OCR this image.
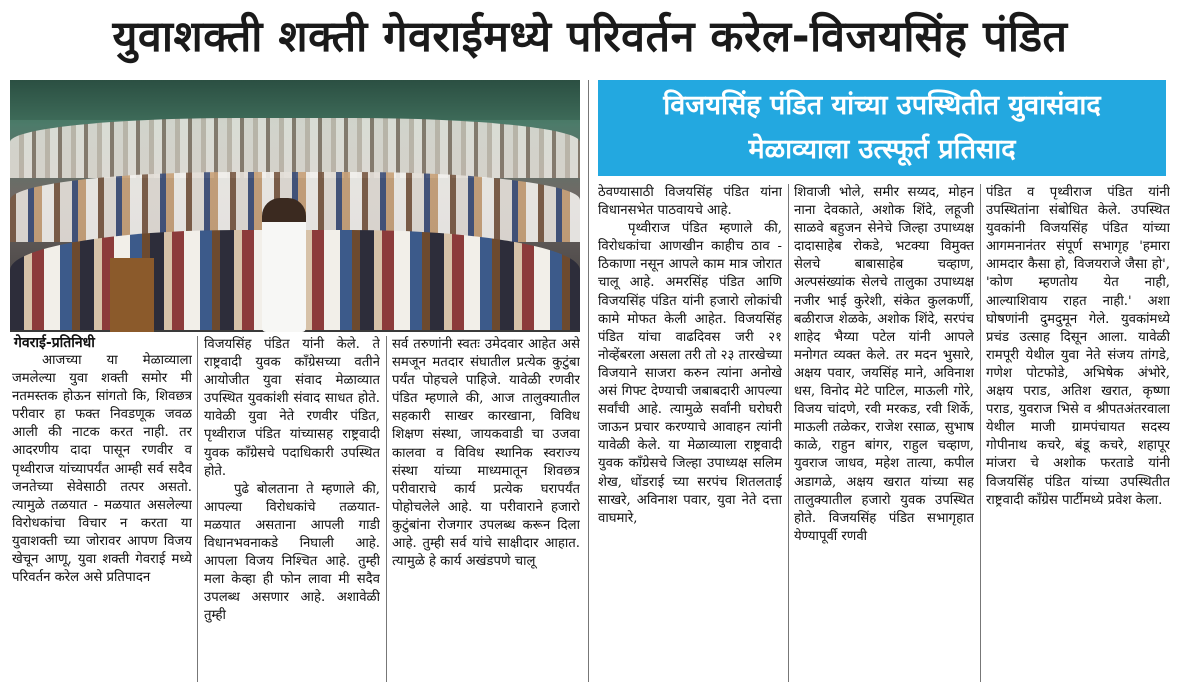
युवाशक्ती शक्ती गेवराईमध्ये परिवर्तन करेल-विजयसिंह पंडित
गेवराई-प्रतिनिधी
विजयसिंह पंडित यांच्या उपस्थितीत युवासंवाद
मेळाव्याला उत्स्फूर्त प्रतिसाद

आजच्या या मेळाव्याला जमलेल्या युवा शक्ती समोर मी नतमस्तक होऊन सांगतो कि, शिवछत्र परीवार हा फक्त निवडणूक जवळ आली की नाटक करत नाही. तर आदरणीय दादा पासून रणवीर व पृथ्वीराज यांच्यापर्यंत आम्ही सर्व सदैव जनतेच्या सेवेसाठी तत्पर असतो. त्यामुळे तळयात - मळयात असलेल्या विरोधकांचा विचार न करता या युवाशक्ती च्या जोरावर आपण विजय खेचून आणू, युवा शक्ती गेवराई मध्ये परिवर्तन करेल असे प्रतिपादन

विजयसिंह पंडित यांनी केले. ते राष्ट्रवादी युवक काँग्रेसच्या वतीने आयोजीत युवा संवाद मेळाव्यात उपस्थित युवकांशी संवाद साधत होते. यावेळी युवा नेते रणवीर पंडित, पृथ्वीराज पंडित यांच्यासह राष्ट्रवादी युवक कॉंग्रेसचे पदाधिकारी उपस्थित होते.

पुढे बोलताना ते म्हणाले की, आपल्या विरोधकांचे तळयात- मळयात असताना आपली गाडी विधानभवनाकडे निघाली आहे. आपला विजय निश्चित आहे. तुम्ही मला केव्हा ही फोन लावा मी सदैव उपलब्ध असणार आहे. अशावेळी तुम्ही

सर्व तरुणांनी स्वतः उमेदवार आहेत असे समजून मतदार संघातील प्रत्येक कुटुंबा पर्यंत पोहचले पाहिजे. यावेळी रणवीर पंडित म्हणाले की, आज तालुक्यातील सहकारी साखर कारखाना, विविध शिक्षण संस्था, जायकवाडी चा उजवा कालवा व विविध स्थानिक स्वराज्य संस्था यांच्या माध्यमातून शिवछत्र परीवाराचे कार्य प्रत्येक घरापर्यंत पोहोचलेले आहे. या परीवाराने हजारो कुटुंबांना रोजगार उपलब्ध करून दिला आहे. तुम्ही सर्व यांचे साक्षीदार आहात. त्यामुळे हे कार्य अखंडपणे चालू

ठेवण्यासाठी विजयसिंह पंडित यांना विधानसभेत पाठवायचे आहे.

पृथ्वीराज पंडित म्हणाले की, विरोधकांचा आणखीन काहीच ठाव - ठिकाणा नसून आपले काम मात्र जोरात चालू आहे. अमरसिंह पंडित आणि विजयसिंह पंडित यांनी हजारो लोकांची कामे मोफत केली आहेत. विजयसिंह पंडित यांचा वाढदिवस जरी २१ नोव्हेंबरला असला तरी तो २३ तारखेच्या विजयाने साजरा करुन त्यांना अनोखे असं गिफ्ट देण्याची जबाबदारी आपल्या सर्वांची आहे. त्यामुळे सर्वांनी घरोघरी जाऊन प्रचार करण्याचे आवाहन त्यांनी यावेळी केले. या मेळाव्याला राष्ट्रवादी युवक कॉंग्रेसचे जिल्हा उपाध्यक्ष सलिम शेख, धोंडराई च्या सरपंच शितलताई साखरे, अविनाश पवार, युवा नेते दत्ता वाघमारे,

शिवाजी भोले, समीर सय्यद, मोहन नाना देवकाते, अशोक शिंदे, लहूजी साळवे बहुजन सेनेचे जिल्हा उपाध्यक्ष दादासाहेब रोकडे, भटक्या विमुक्त सेलचे बाबासाहेब चव्हाण, अल्पसंख्यांक सेलचे तालुका उपाध्यक्ष नजीर भाई कुरेशी, संकेत कुलकर्णी, बळीराज शेळके, अशोक शिंदे, सरपंच शाहेद भैय्या पटेल यांनी आपले मनोगत व्यक्त केले. तर मदन भुसारे, अक्षय पवार, जयसिंह माने, अविनाश धस, विनोद मेटे पाटिल, माऊली गोरे, विजय चांदणे, रवी मरकड, रवी शिर्के, माऊली तळेकर, राजेश रसाळ, सुभाष काळे, राहुन बांगर, राहुल चव्हाण, युवराज जाधव, महेश तात्या, कपील अडागळे, अक्षय खरात यांच्या सह तालुक्यातील हजारो युवक उपस्थित होते. विजयसिंह पंडित सभागृहात येण्यापूर्वी रणवी

पंडित व पृथ्वीराज पंडित यांनी उपस्थितांना संबोधित केले. उपस्थित युवकांनी विजयसिंह पंडित यांच्या आगमनानंतर संपूर्ण सभागृह 'हमारा आमदार कैसा हो, विजयराजे जैसा हो', 'कोण म्हणतोय येत नाही, आल्याशिवाय राहत नाही.' अशा घोषणांनी दुमदुमून गेले. युवकांमध्ये प्रचंड उत्साह दिसून आला. यावेळी रामपूरी येथील युवा नेते संजय तांगडे, गणेश पोटफोडे, अभिषेक अंभोरे, अक्षय पराड, अतिश खरात, कृष्णा पराड, युवराज भिसे व श्रीपतअंतरवाला येथील माजी ग्रामपंचायत सदस्य गोपीनाथ कचरे, बंडू कचरे, शहापूर मांजरा चे अशोक फरताडे यांनी विजयसिंह पंडित यांच्या उपस्थितीत राष्ट्रवादी कॉंग्रेस पार्टीमध्ये प्रवेश केला.
